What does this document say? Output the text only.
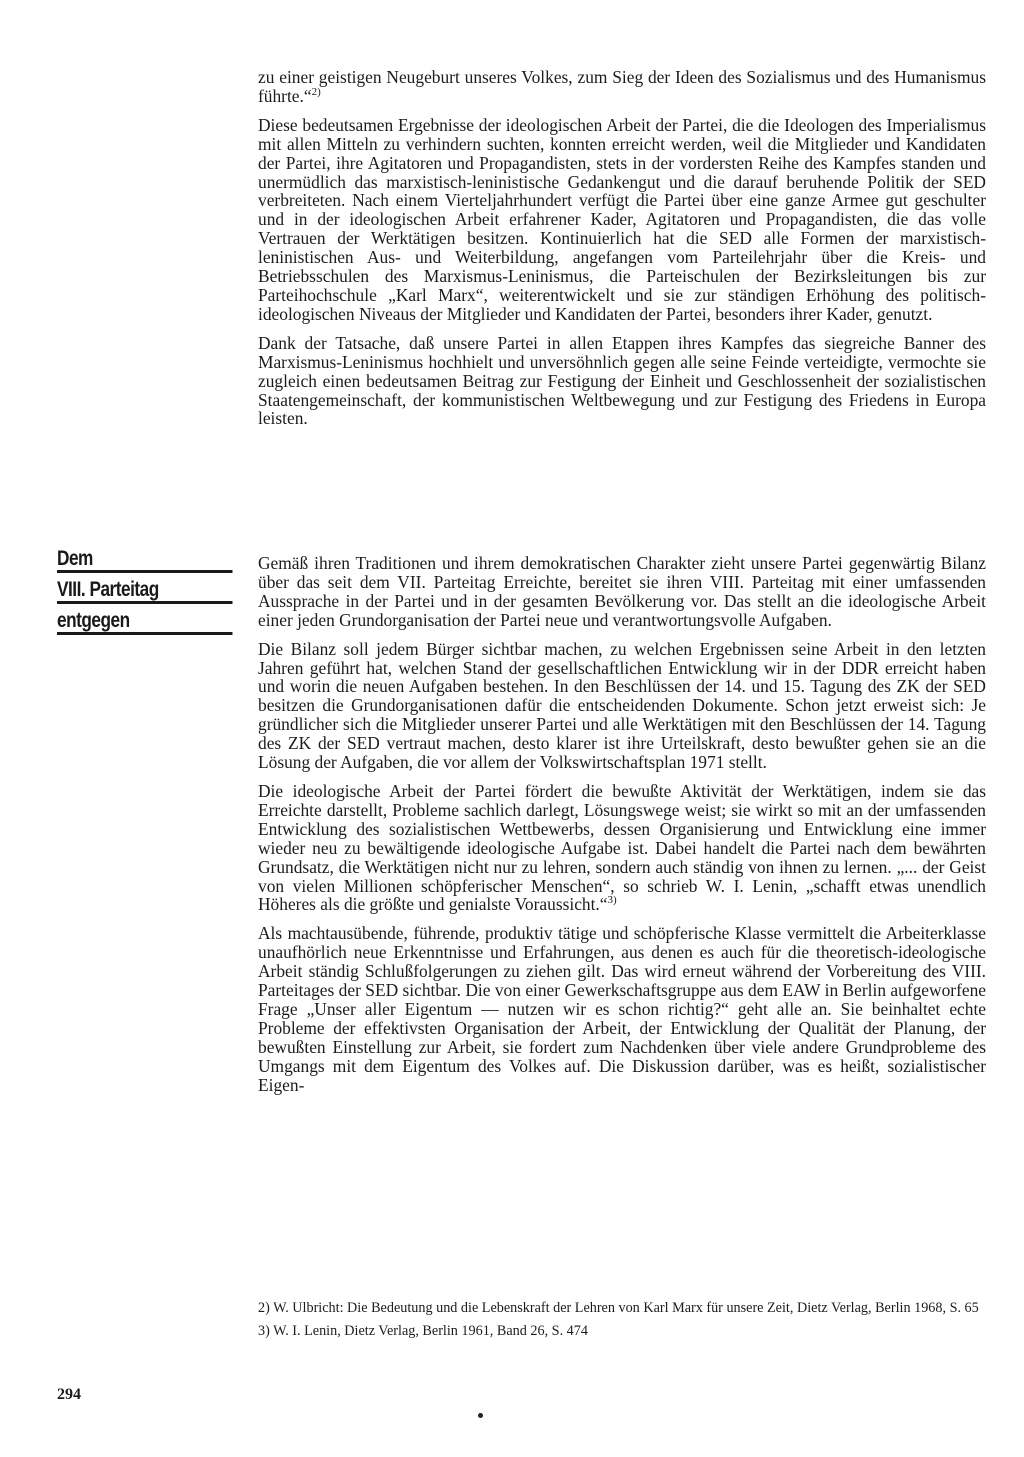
zu einer geistigen Neugeburt unseres Volkes, zum Sieg der Ideen des Sozialismus und des Humanismus führte.“$^{2)}$

Diese bedeutsamen Ergebnisse der ideologischen Arbeit der Partei, die die Ideologen des Imperialismus mit allen Mitteln zu verhindern suchten, konnten erreicht werden, weil die Mitglieder und Kandidaten der Partei, ihre Agitatoren und Propagandisten, stets in der vordersten Reihe des Kampfes standen und unermüdlich das marxistisch-leninistische Gedankengut und die darauf beruhende Politik der SED verbreiteten. Nach einem Vierteljahrhundert verfügt die Partei über eine ganze Armee gut geschulter und in der ideologischen Arbeit erfahrener Kader, Agitatoren und Propagandisten, die das volle Vertrauen der Werktätigen besitzen. Kontinuierlich hat die SED alle Formen der marxistisch-leninistischen Aus- und Weiterbildung, angefangen vom Parteilehrjahr über die Kreis- und Betriebsschulen des Marxismus-Leninismus, die Parteischulen der Bezirksleitungen bis zur Parteihochschule „Karl Marx“, weiterentwickelt und sie zur ständigen Erhöhung des politisch-ideologischen Niveaus der Mitglieder und Kandidaten der Partei, besonders ihrer Kader, genutzt.

Dank der Tatsache, daß unsere Partei in allen Etappen ihres Kampfes das siegreiche Banner des Marxismus-Leninismus hochhielt und unversöhnlich gegen alle seine Feinde verteidigte, vermochte sie zugleich einen bedeutsamen Beitrag zur Festigung der Einheit und Geschlossenheit der sozialistischen Staatengemeinschaft, der kommunistischen Weltbewegung und zur Festigung des Friedens in Europa leisten.

Dem
VIII. Parteitag
entgegen

Gemäß ihren Traditionen und ihrem demokratischen Charakter zieht unsere Partei gegenwärtig Bilanz über das seit dem VII. Parteitag Erreichte, bereitet sie ihren VIII. Parteitag mit einer umfassenden Aussprache in der Partei und in der gesamten Bevölkerung vor. Das stellt an die ideologische Arbeit einer jeden Grundorganisation der Partei neue und verantwortungsvolle Aufgaben.

Die Bilanz soll jedem Bürger sichtbar machen, zu welchen Ergebnissen seine Arbeit in den letzten Jahren geführt hat, welchen Stand der gesellschaftlichen Entwicklung wir in der DDR erreicht haben und worin die neuen Aufgaben bestehen. In den Beschlüssen der 14. und 15. Tagung des ZK der SED besitzen die Grundorganisationen dafür die entscheidenden Dokumente. Schon jetzt erweist sich: Je gründlicher sich die Mitglieder unserer Partei und alle Werktätigen mit den Beschlüssen der 14. Tagung des ZK der SED vertraut machen, desto klarer ist ihre Urteilskraft, desto bewußter gehen sie an die Lösung der Aufgaben, die vor allem der Volkswirtschaftsplan 1971 stellt.

Die ideologische Arbeit der Partei fördert die bewußte Aktivität der Werktätigen, indem sie das Erreichte darstellt, Probleme sachlich darlegt, Lösungswege weist; sie wirkt so mit an der umfassenden Entwicklung des sozialistischen Wettbewerbs, dessen Organisierung und Entwicklung eine immer wieder neu zu bewältigende ideologische Aufgabe ist. Dabei handelt die Partei nach dem bewährten Grundsatz, die Werktätigen nicht nur zu lehren, sondern auch ständig von ihnen zu lernen. „... der Geist von vielen Millionen schöpferischer Menschen“, so schrieb W. I. Lenin, „schafft etwas unendlich Höheres als die größte und genialste Voraussicht.“$^{3)}$

Als machtausübende, führende, produktiv tätige und schöpferische Klasse vermittelt die Arbeiterklasse unaufhörlich neue Erkenntnisse und Erfahrungen, aus denen es auch für die theoretisch-ideologische Arbeit ständig Schlußfolgerungen zu ziehen gilt. Das wird erneut während der Vorbereitung des VIII. Parteitages der SED sichtbar. Die von einer Gewerkschaftsgruppe aus dem EAW in Berlin aufgeworfene Frage „Unser aller Eigentum — nutzen wir es schon richtig?“ geht alle an. Sie beinhaltet echte Probleme der effektivsten Organisation der Arbeit, der Entwicklung der Qualität der Planung, der bewußten Einstellung zur Arbeit, sie fordert zum Nachdenken über viele andere Grundprobleme des Umgangs mit dem Eigentum des Volkes auf. Die Diskussion darüber, was es heißt, sozialistischer Eigen-

2) W. Ulbricht: Die Bedeutung und die Lebenskraft der Lehren von Karl Marx für unsere Zeit, Dietz Verlag, Berlin 1968, S. 65

3) W. I. Lenin, Dietz Verlag, Berlin 1961, Band 26, S. 474

294
